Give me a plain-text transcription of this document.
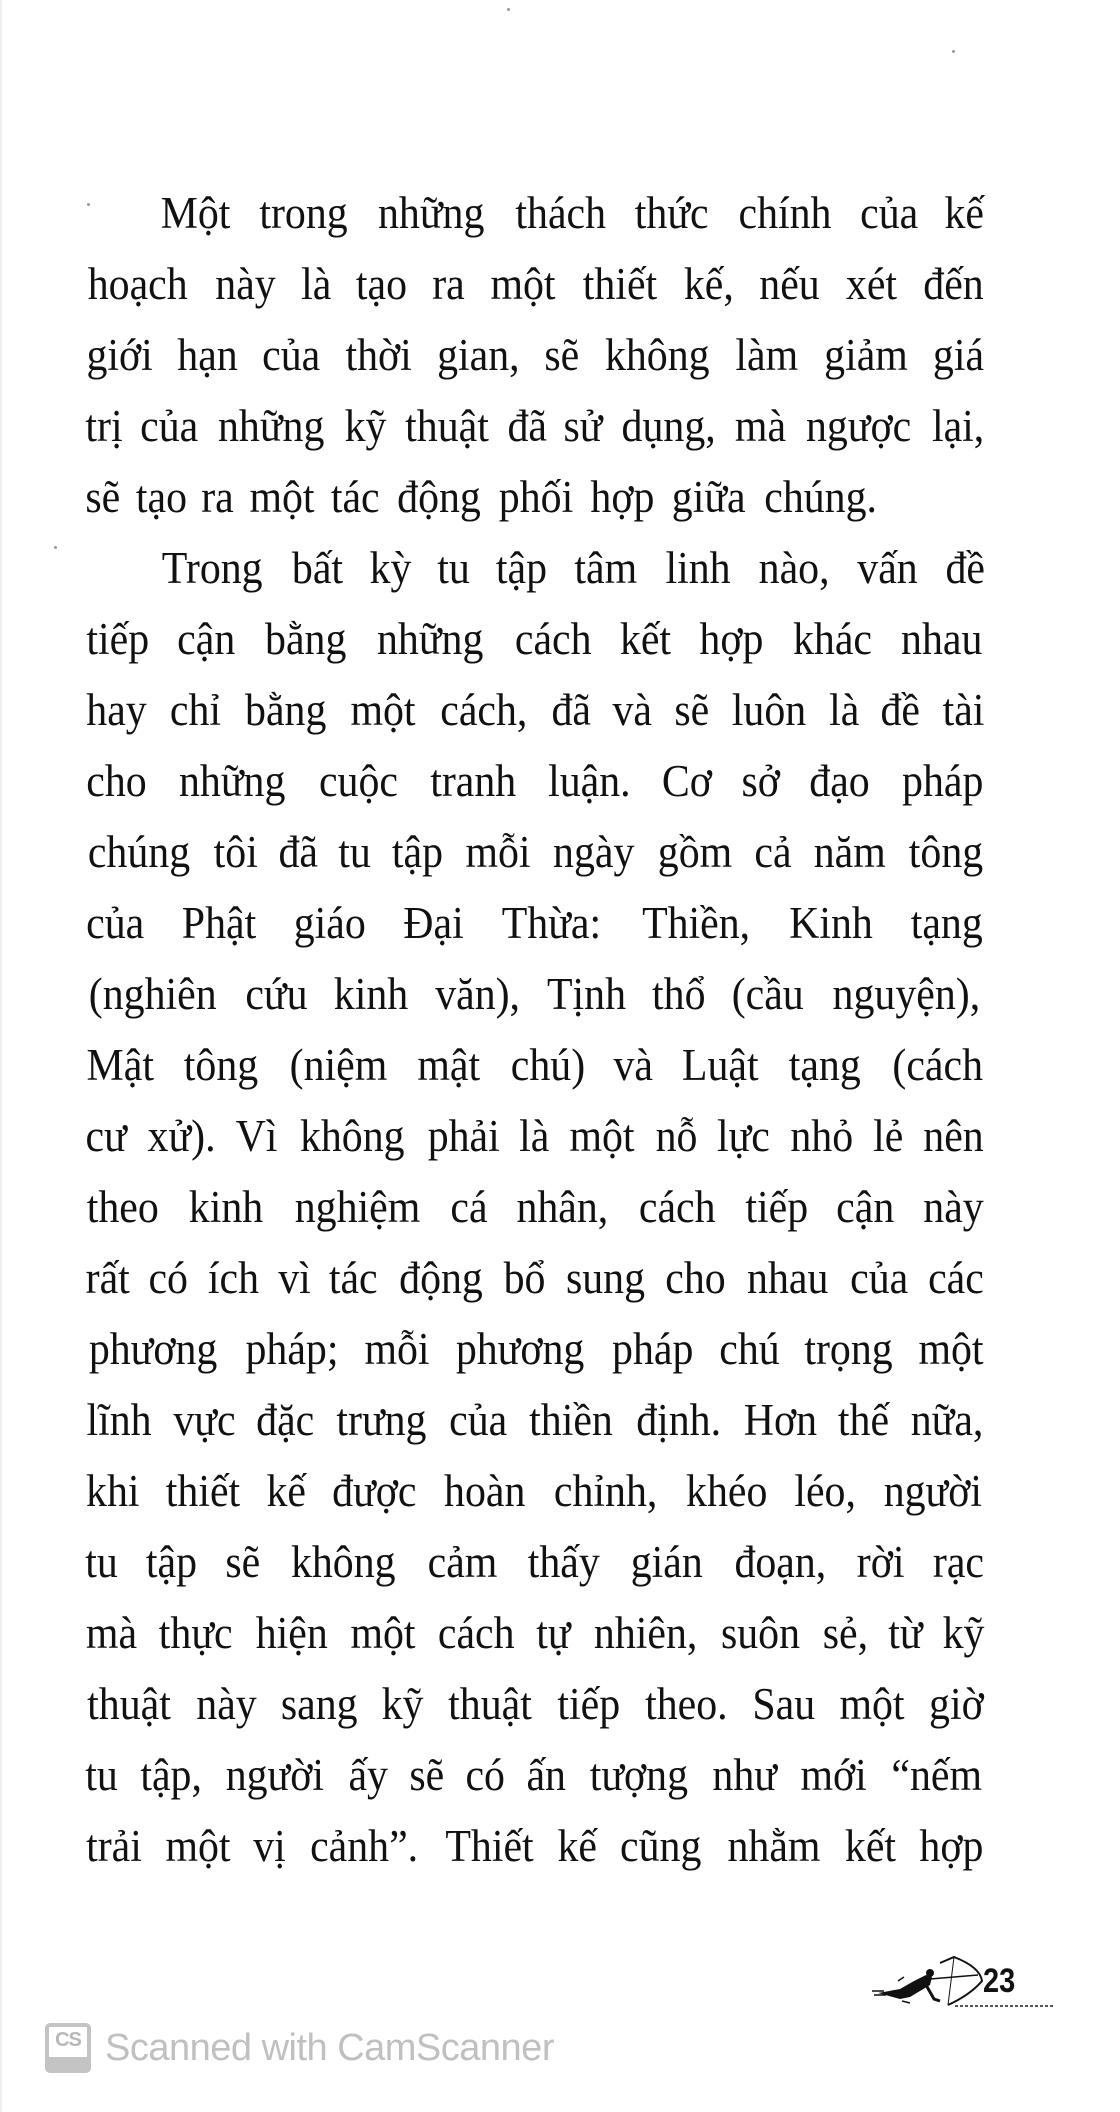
Một trong những thách thức chính của kế
hoạch này là tạo ra một thiết kế, nếu xét đến
giới hạn của thời gian, sẽ không làm giảm giá
trị của những kỹ thuật đã sử dụng, mà ngược lại,
sẽ tạo ra một tác động phối hợp giữa chúng.
Trong bất kỳ tu tập tâm linh nào, vấn đề
tiếp cận bằng những cách kết hợp khác nhau
hay chỉ bằng một cách, đã và sẽ luôn là đề tài
cho những cuộc tranh luận. Cơ sở đạo pháp
chúng tôi đã tu tập mỗi ngày gồm cả năm tông
của Phật giáo Đại Thừa: Thiền, Kinh tạng
(nghiên cứu kinh văn), Tịnh thổ (cầu nguyện),
Mật tông (niệm mật chú) và Luật tạng (cách
cư xử). Vì không phải là một nỗ lực nhỏ lẻ nên
theo kinh nghiệm cá nhân, cách tiếp cận này
rất có ích vì tác động bổ sung cho nhau của các
phương pháp; mỗi phương pháp chú trọng một
lĩnh vực đặc trưng của thiền định. Hơn thế nữa,
khi thiết kế được hoàn chỉnh, khéo léo, người
tu tập sẽ không cảm thấy gián đoạn, rời rạc
mà thực hiện một cách tự nhiên, suôn sẻ, từ kỹ
thuật này sang kỹ thuật tiếp theo. Sau một giờ
tu tập, người ấy sẽ có ấn tượng như mới “nếm
trải một vị cảnh”. Thiết kế cũng nhằm kết hợp
23
CS Scanned with CamScanner
